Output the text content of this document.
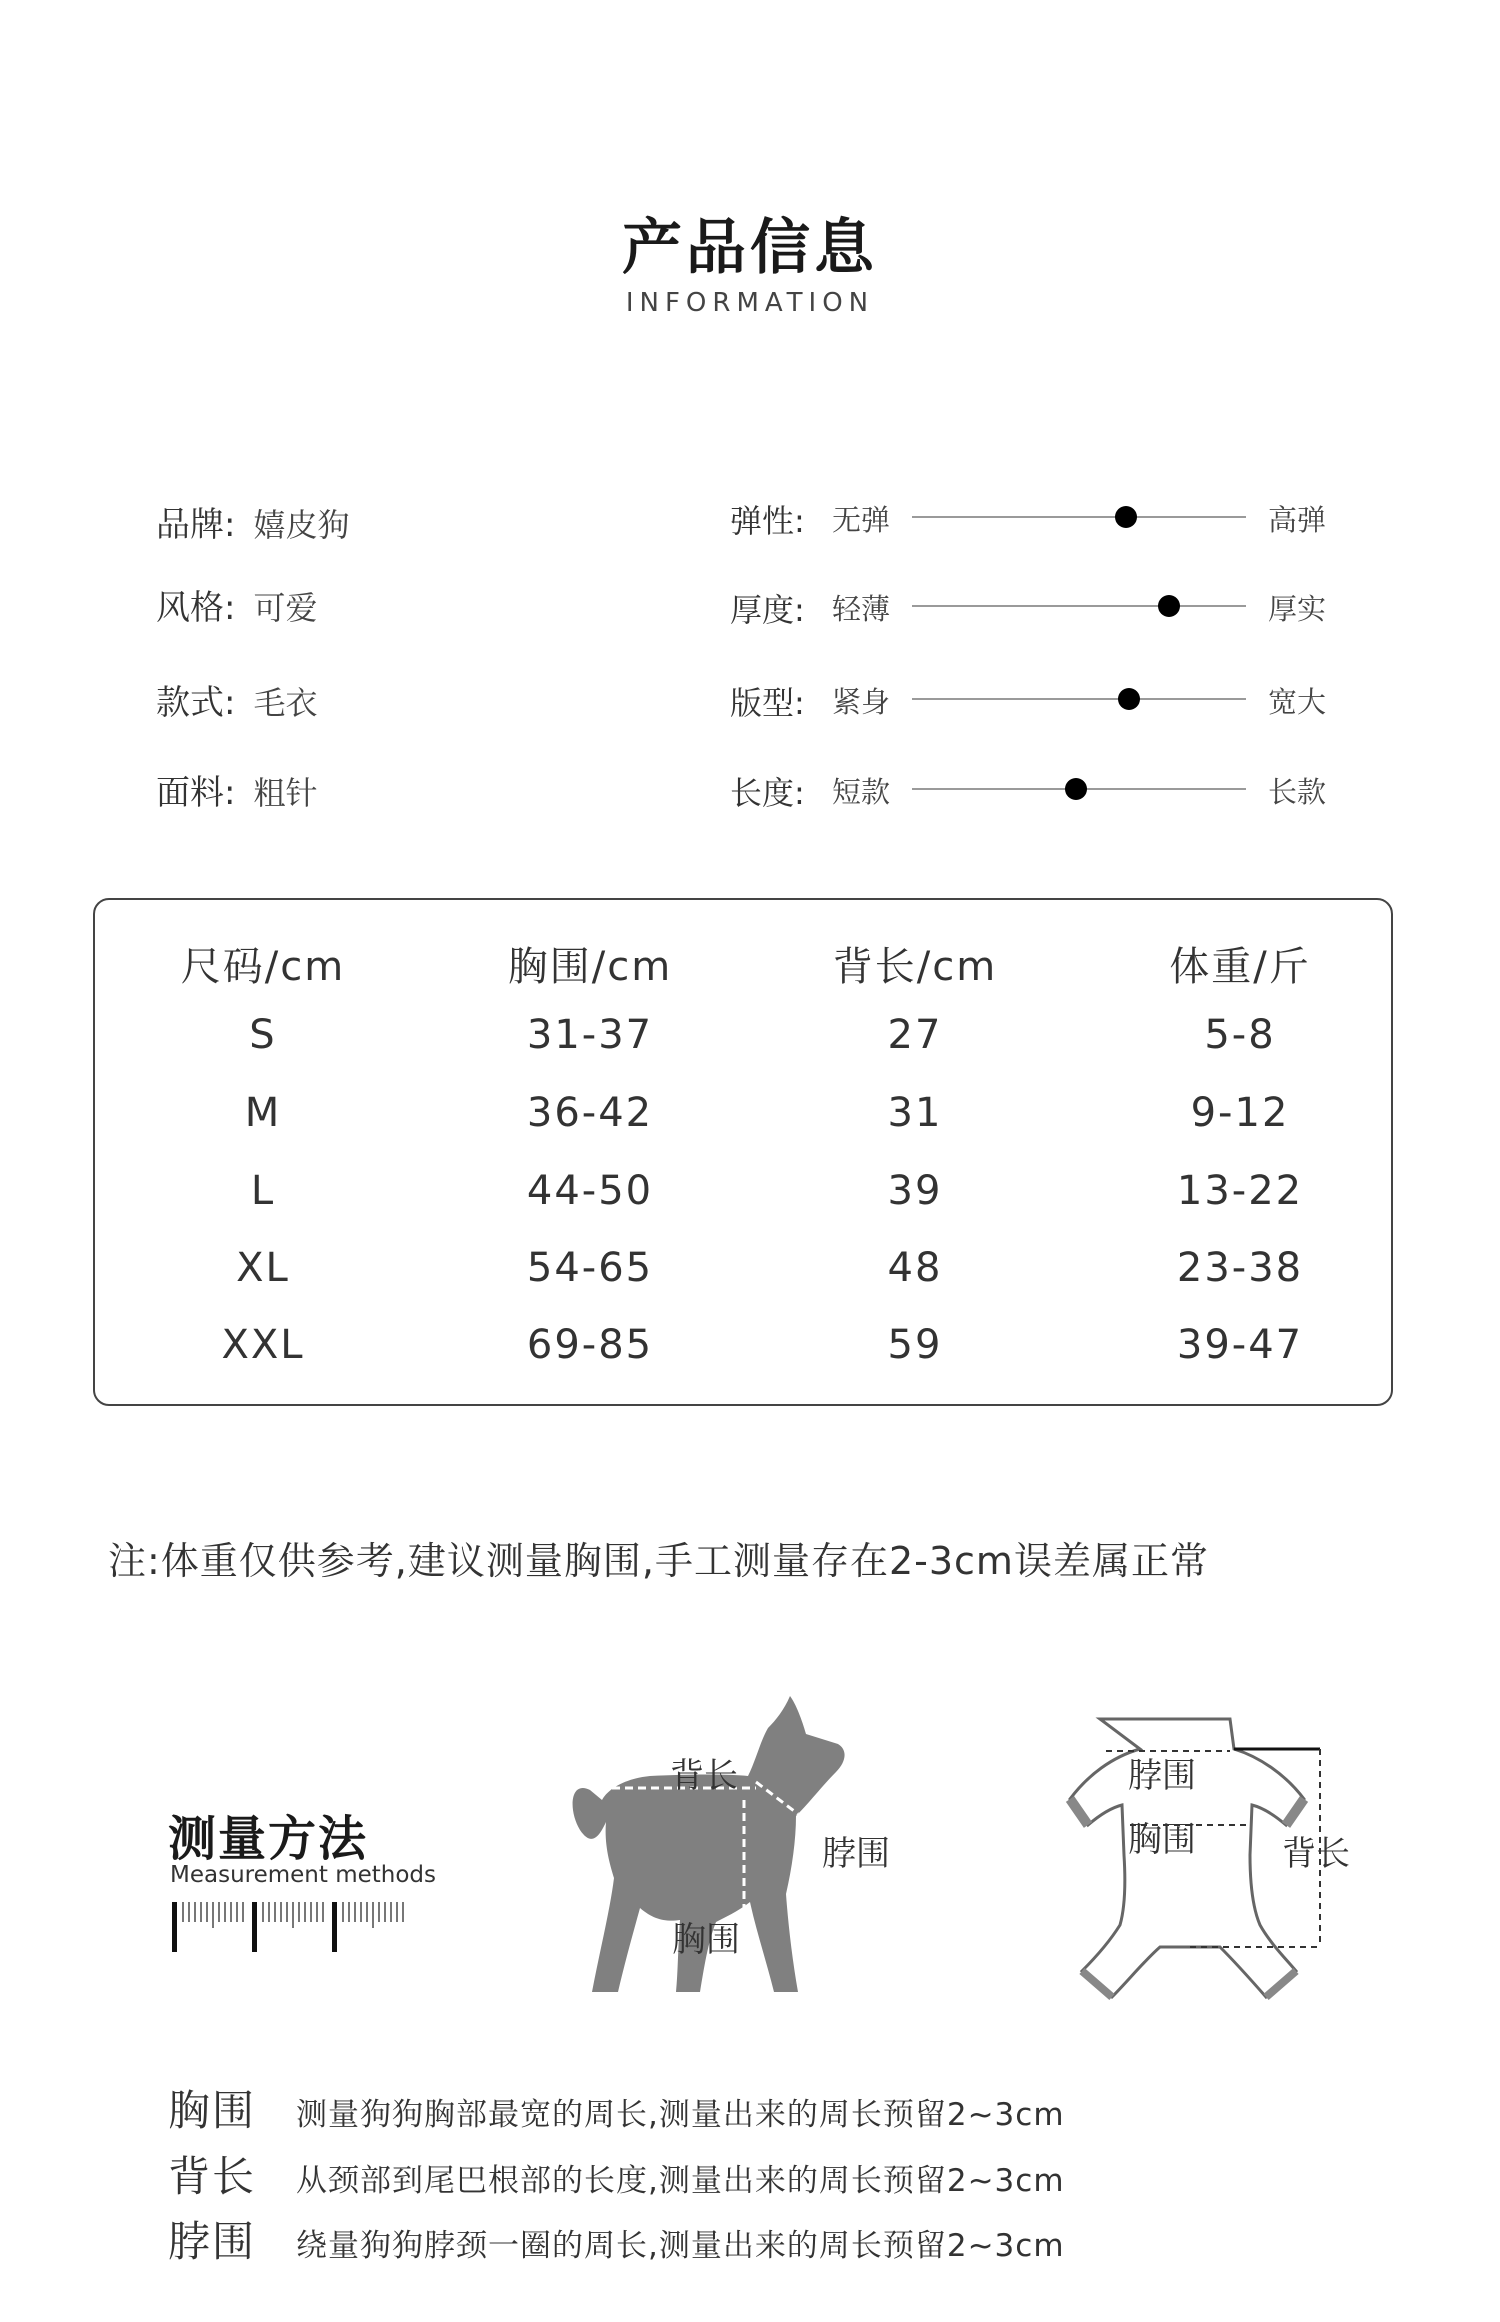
产品信息
INFORMATION
品牌: 嬉皮狗
风格: 可爱
款式: 毛衣
面料: 粗针
弹性: 无弹	高弹
厚度: 轻薄	厚实
版型: 紧身	宽大
长度: 短款	长款
尺码/cm	胸围/cm	背长/cm	体重/斤
S	31-37	27	5-8
M	36-42	31	9-12
L	44-50	39	13-22
XL	54-65	48	23-38
XXL	69-85	59	39-47
注:体重仅供参考,建议测量胸围,手工测量存在2-3cm误差属正常
测量方法
Measurement methods
背长
脖围
胸围
脖围
胸围	背长
胸围 测量狗狗胸部最宽的周长,测量出来的周长预留2~3cm
背长 从颈部到尾巴根部的长度,测量出来的周长预留2~3cm
脖围 绕量狗狗脖颈一圈的周长,测量出来的周长预留2~3cm
